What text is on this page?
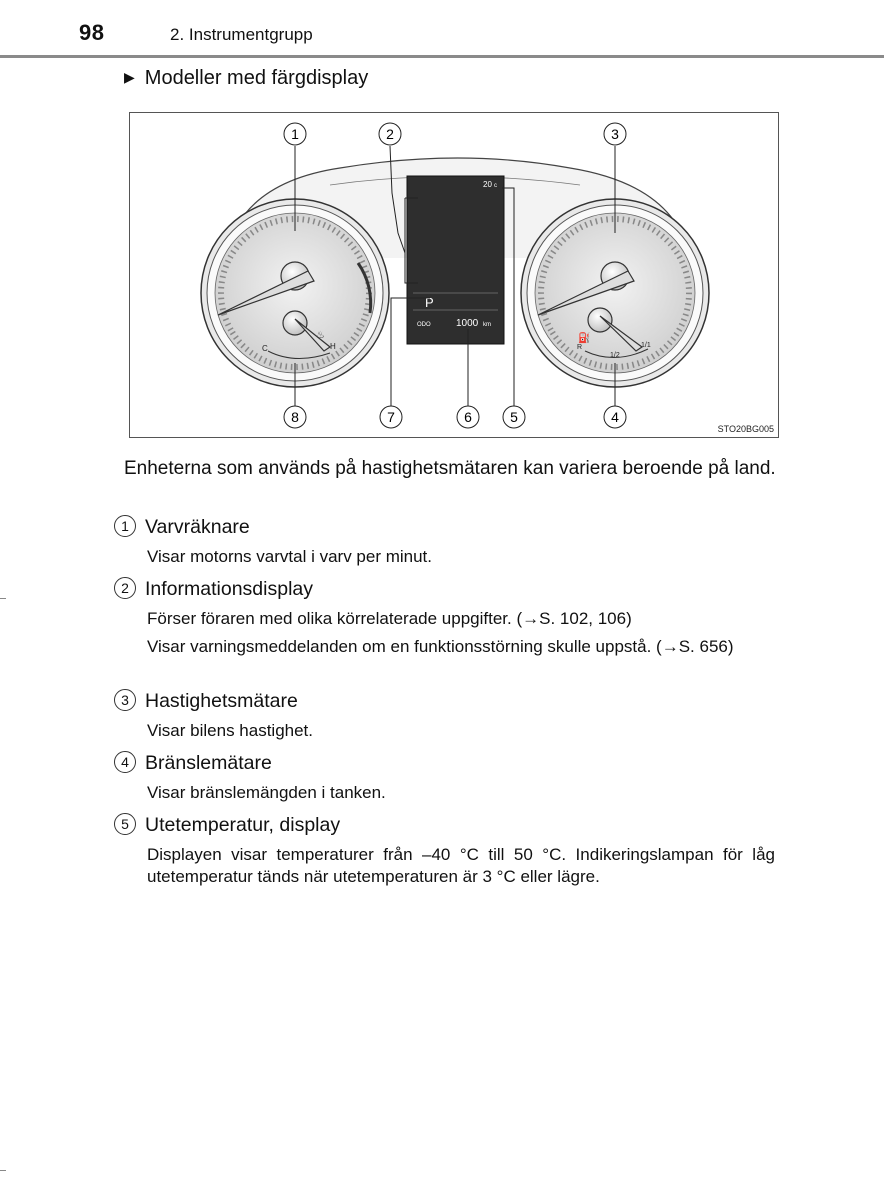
98	2. Instrumentgrupp
▶ Modeller med färgdisplay
C	H
♨
R
1/2
1/1
⛽
20 c
P
ODO	1000 km
1	2	3
4
5
6
7
8
STO20BG005
Enheterna som används på hastighetsmätaren kan variera beroende på land.
1 Varvräknare
Visar motorns varvtal i varv per minut.
2 Informationsdisplay
Förser föraren med olika körrelaterade uppgifter. (→S. 102, 106)
Visar varningsmeddelanden om en funktionsstörning skulle uppstå. (→S. 656)
3 Hastighetsmätare
Visar bilens hastighet.
4 Bränslemätare
Visar bränslemängden i tanken.
5 Utetemperatur, display
Displayen visar temperaturer från –40 °C till 50 °C. Indikeringslampan för låg utetemperatur tänds när utetemperaturen är 3 °C eller lägre.
